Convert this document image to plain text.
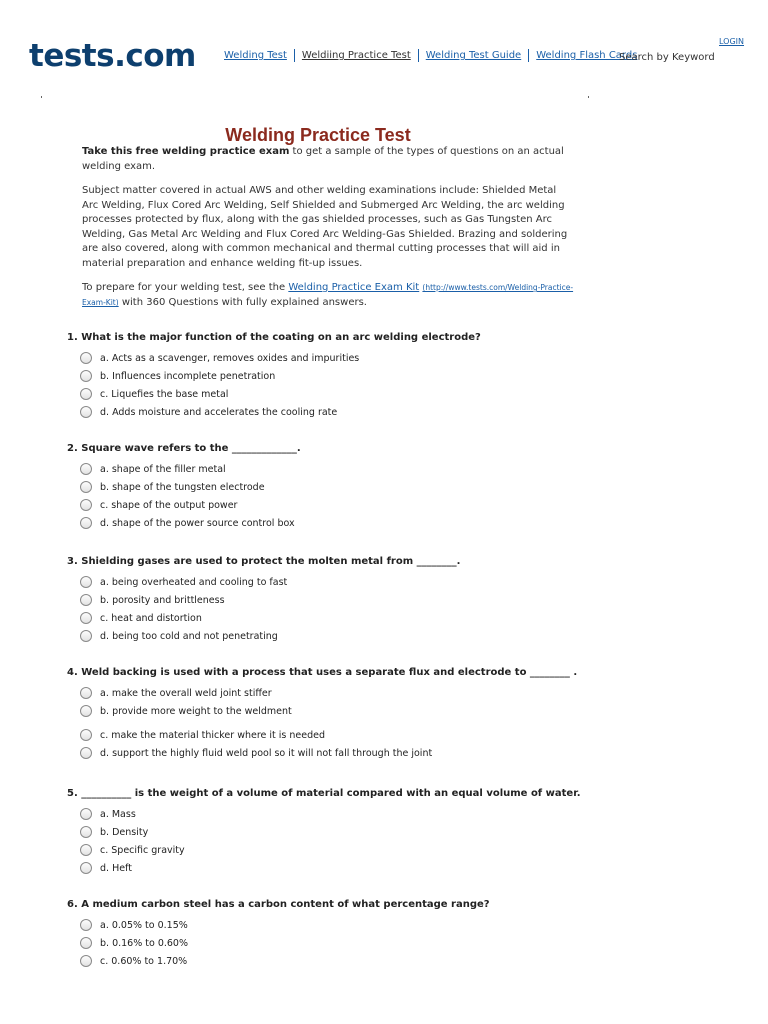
tests.com	Welding Test Weldiing Practice Test Welding Test Guide Welding Flash Cards
LOGIN
Search by Keyword
Welding Practice Test

Take this free welding practice exam to get a sample of the types of questions on an actual welding exam.

Subject matter covered in actual AWS and other welding examinations include: Shielded Metal Arc Welding, Flux Cored Arc Welding, Self Shielded and Submerged Arc Welding, the arc welding processes protected by flux, along with the gas shielded processes, such as Gas Tungsten Arc Welding, Gas Metal Arc Welding and Flux Cored Arc Welding-Gas Shielded. Brazing and soldering are also covered, along with common mechanical and thermal cutting processes that will aid in material preparation and enhance welding fit-up issues.

To prepare for your welding test, see the Welding Practice Exam Kit (http://www.tests.com/Welding-Practice-Exam-Kit) with 360 Questions with fully explained answers.

1. What is the major function of the coating on an arc welding electrode?
a. Acts as a scavenger, removes oxides and impurities
b. Influences incomplete penetration
c. Liquefies the base metal
d. Adds moisture and accelerates the cooling rate
2. Square wave refers to the _____________.
a. shape of the filler metal
b. shape of the tungsten electrode
c. shape of the output power
d. shape of the power source control box
3. Shielding gases are used to protect the molten metal from ________.
a. being overheated and cooling to fast
b. porosity and brittleness
c. heat and distortion
d. being too cold and not penetrating
4. Weld backing is used with a process that uses a separate flux and electrode to ________ .
a. make the overall weld joint stiffer
b. provide more weight to the weldment
c. make the material thicker where it is needed
d. support the highly fluid weld pool so it will not fall through the joint
5. __________ is the weight of a volume of material compared with an equal volume of water.
a. Mass
b. Density
c. Specific gravity
d. Heft
6. A medium carbon steel has a carbon content of what percentage range?
a. 0.05% to 0.15%
b. 0.16% to 0.60%
c. 0.60% to 1.70%
